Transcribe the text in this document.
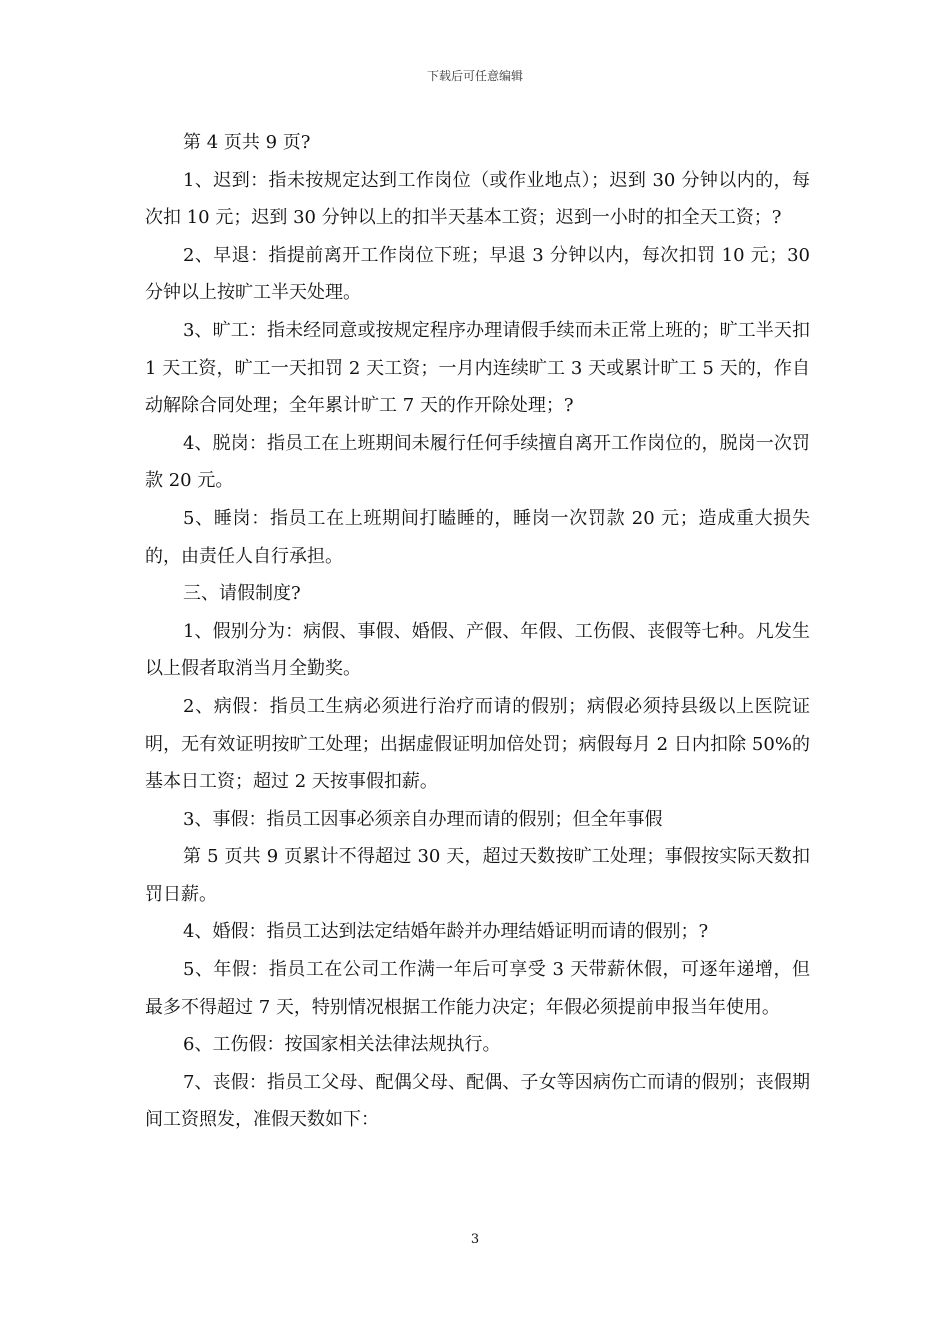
下载后可任意编辑

第 4 页共 9 页?

1、迟到：指未按规定达到工作岗位（或作业地点）；迟到 30 分钟以内的，每次扣 10 元；迟到 30 分钟以上的扣半天基本工资；迟到一小时的扣全天工资；?

2、早退：指提前离开工作岗位下班；早退 3 分钟以内，每次扣罚 10 元；30 分钟以上按旷工半天处理。

3、旷工：指未经同意或按规定程序办理请假手续而未正常上班的；旷工半天扣 1 天工资，旷工一天扣罚 2 天工资；一月内连续旷工 3 天或累计旷工 5 天的，作自动解除合同处理；全年累计旷工 7 天的作开除处理；?

4、脱岗：指员工在上班期间未履行任何手续擅自离开工作岗位的，脱岗一次罚款 20 元。

5、睡岗：指员工在上班期间打瞌睡的，睡岗一次罚款 20 元；造成重大损失的，由责任人自行承担。

三、请假制度?

1、假别分为：病假、事假、婚假、产假、年假、工伤假、丧假等七种。凡发生以上假者取消当月全勤奖。

2、病假：指员工生病必须进行治疗而请的假别；病假必须持县级以上医院证明，无有效证明按旷工处理；出据虚假证明加倍处罚；病假每月 2 日内扣除 50%的基本日工资；超过 2 天按事假扣薪。

3、事假：指员工因事必须亲自办理而请的假别；但全年事假

第 5 页共 9 页累计不得超过 30 天，超过天数按旷工处理；事假按实际天数扣罚日薪。

4、婚假：指员工达到法定结婚年龄并办理结婚证明而请的假别；?

5、年假：指员工在公司工作满一年后可享受 3 天带薪休假，可逐年递增，但最多不得超过 7 天，特别情况根据工作能力决定；年假必须提前申报当年使用。

6、工伤假：按国家相关法律法规执行。

7、丧假：指员工父母、配偶父母、配偶、子女等因病伤亡而请的假别；丧假期间工资照发，准假天数如下：

3
